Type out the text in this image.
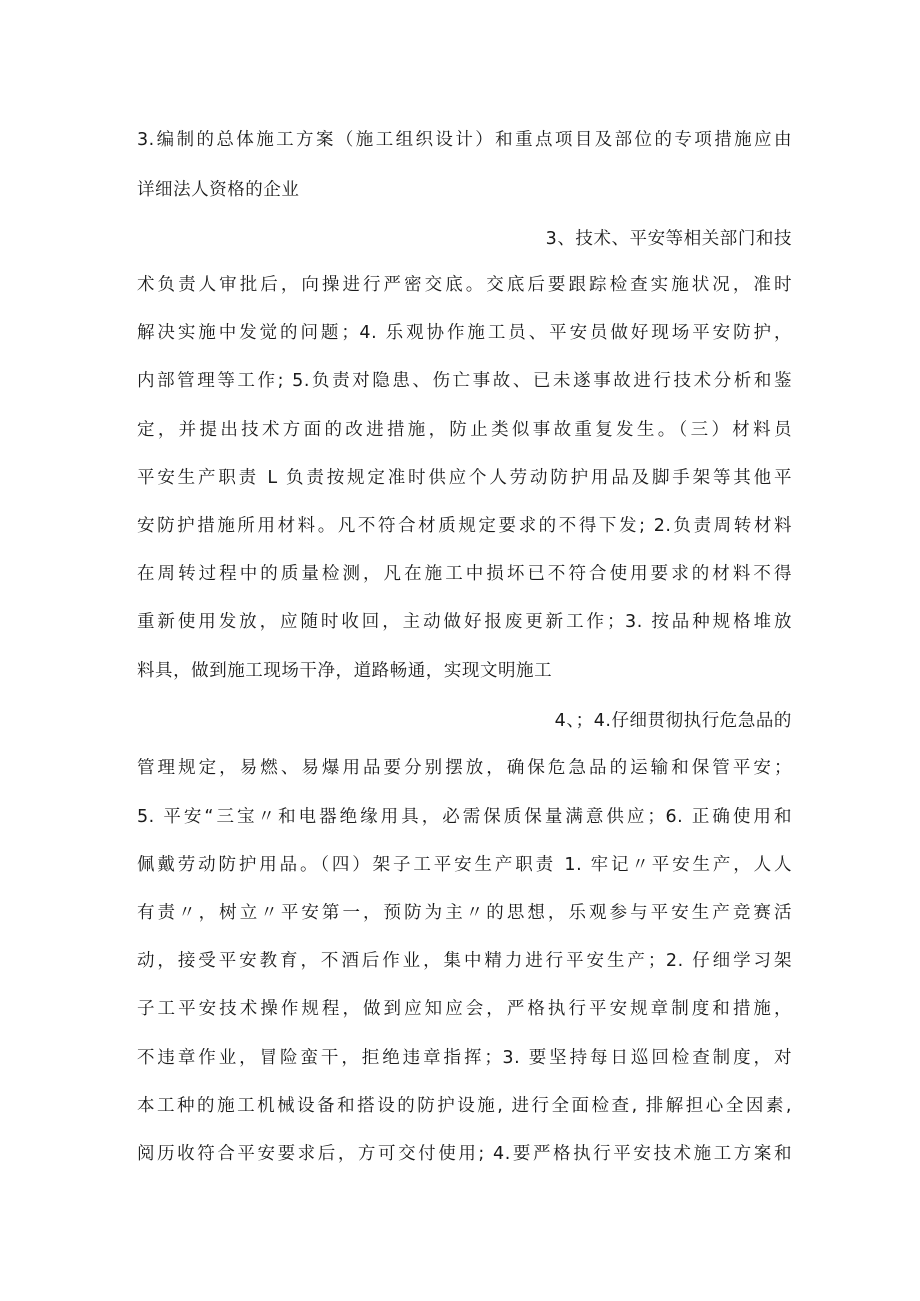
3.编制的总体施工方案（施工组织设计）和重点项目及部位的专项措施应由
详细法人资格的企业
3、技术、平安等相关部门和技
术负责人审批后，向操进行严密交底。交底后要跟踪检查实施状况，准时
解决实施中发觉的问题；4. 乐观协作施工员、平安员做好现场平安防护，
内部管理等工作; 5.负责对隐患、伤亡事故、已未遂事故进行技术分析和鉴
定，并提出技术方面的改进措施，防止类似事故重复发生。（三）材料员
平安生产职责 L 负责按规定准时供应个人劳动防护用品及脚手架等其他平
安防护措施所用材料。凡不符合材质规定要求的不得下发; 2.负责周转材料
在周转过程中的质量检测，凡在施工中损坏已不符合使用要求的材料不得
重新使用发放，应随时收回，主动做好报废更新工作；3. 按品种规格堆放
料具，做到施工现场干净，道路畅通，实现文明施工
4、；4.仔细贯彻执行危急品的
管理规定，易燃、易爆用品要分别摆放，确保危急品的运输和保管平安；
5. 平安“三宝〃和电器绝缘用具，必需保质保量满意供应；6. 正确使用和
佩戴劳动防护用品。（四）架子工平安生产职责 1. 牢记〃平安生产，人人
有责〃，树立〃平安第一，预防为主〃的思想，乐观参与平安生产竞赛活
动，接受平安教育，不酒后作业，集中精力进行平安生产；2. 仔细学习架
子工平安技术操作规程，做到应知应会，严格执行平安规章制度和措施，
不违章作业，冒险蛮干，拒绝违章指挥；3. 要坚持每日巡回检查制度，对
本工种的施工机械设备和搭设的防护设施, 进行全面检查, 排解担心全因素,
阅历收符合平安要求后，方可交付使用; 4.要严格执行平安技术施工方案和
